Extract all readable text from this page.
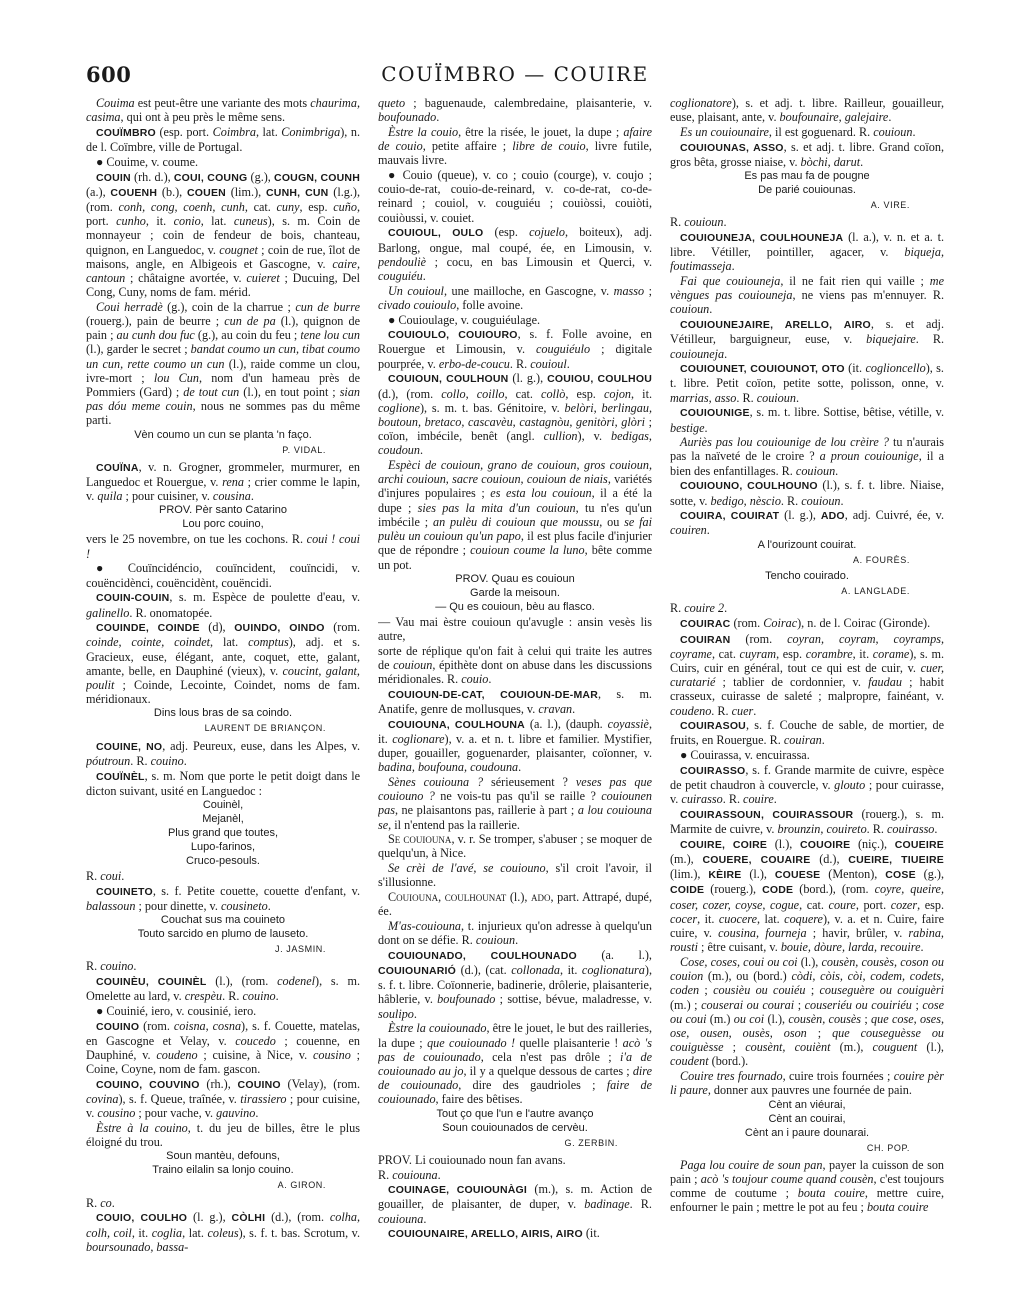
600	COUÏMBRO — COUIRE

Couima est peut-être une variante des mots chaurima, casima, qui ont à peu près le même sens.

COUÏMBRO (esp. port. Coimbra, lat. Conimbriga), n. de l. Coïmbre, ville de Portugal.

● Couime, v. coume.

COUIN (rh. d.), COUI, COUNG (g.), COUGN, COUNH (a.), COUENH (b.), COUEN (lim.), CUNH, CUN (l.g.), (rom. conh, cong, coenh, cunh, cat. cuny, esp. cuño, port. cunho, it. conio, lat. cuneus), s. m. Coin de monnayeur ; coin de fendeur de bois, chanteau, quignon, en Languedoc, v. cougnet ; coin de rue, îlot de maisons, angle, en Albigeois et Gascogne, v. caire, cantoun ; châtaigne avortée, v. cuieret ; Ducuing, Del Cong, Cuny, noms de fam. mérid.

Coui herradè (g.), coin de la charrue ; cun de burre (rouerg.), pain de beurre ; cun de pa (l.), quignon de pain ; au cunh dou fuc (g.), au coin du feu ; tene lou cun (l.), garder le secret ; bandat coumo un cun, tibat coumo un cun, rette coumo un cun (l.), raide comme un clou, ivre-mort ; lou Cun, nom d'un hameau près de Pommiers (Gard) ; de tout cun (l.), en tout point ; sian pas dóu meme couin, nous ne sommes pas du même parti.

Vèn coumo un cun se planta 'n faço.

P. VIDAL.

COUÏNA, v. n. Grogner, grommeler, murmurer, en Languedoc et Rouergue, v. rena ; crier comme le lapin, v. quila ; pour cuisiner, v. cousina.

PROV. Pèr santo Catarino

Lou porc couino,

vers le 25 novembre, on tue les cochons. R. coui ! coui !

● Couïncidéncio, couïncident, couïncidi, v. couëncidènci, couëncidènt, couëncidi.

COUIN-COUIN, s. m. Espèce de poulette d'eau, v. galinello. R. onomatopée.

COUINDE, COINDE (d), OUINDO, OINDO (rom. coinde, cointe, coindet, lat. comptus), adj. et s. Gracieux, euse, élégant, ante, coquet, ette, galant, amante, belle, en Dauphiné (vieux), v. coucint, galant, poulit ; Coinde, Lecointe, Coindet, noms de fam. méridionaux.

Dins lous bras de sa coindo.

LAURENT DE BRIANÇON.

COUINE, NO, adj. Peureux, euse, dans les Alpes, v. póutroun. R. couino.

COUÏNÈL, s. m. Nom que porte le petit doigt dans le dicton suivant, usité en Languedoc :

Couinèl,

Mejanèl,

Plus grand que toutes,

Lupo-farinos,

Cruco-pesouls.

R. coui.

COUINETO, s. f. Petite couette, couette d'enfant, v. balassoun ; pour dinette, v. cousineto.

Couchat sus ma couineto

Touto sarcido en plumo de lauseto.

J. JASMIN.

R. couino.

COUINÈU, COUINÈL (l.), (rom. codenel), s. m. Omelette au lard, v. crespèu. R. couino.

● Couinié, iero, v. cousinié, iero.

COUINO (rom. coisna, cosna), s. f. Couette, matelas, en Gascogne et Velay, v. coucedo ; couenne, en Dauphiné, v. coudeno ; cuisine, à Nice, v. cousino ; Coine, Coyne, nom de fam. gascon.

COUINO, COUVINO (rh.), COUINO (Velay), (rom. covina), s. f. Queue, traînée, v. tirassiero ; pour cuisine, v. cousino ; pour vache, v. gauvino.

Èstre à la couino, t. du jeu de billes, être le plus éloigné du trou.

Soun mantèu, defouns,

Traino eilalin sa lonjo couino.

A. GIRON.

R. co.

COUIO, COULHO (l. g.), CÒLHI (d.), (rom. colha, colh, coil, it. coglia, lat. coleus), s. f. t. bas. Scrotum, v. boursounado, bassa-

queto ; baguenaude, calembredaine, plaisanterie, v. boufounado.

Èstre la couio, être la risée, le jouet, la dupe ; afaire de couio, petite affaire ; libre de couio, livre futile, mauvais livre.

● Couio (queue), v. co ; couio (courge), v. coujo ; couio-de-rat, couio-de-reinard, v. co-de-rat, co-de-reinard ; couiol, v. couguiéu ; couiòssi, couiòti, couiòussi, v. couiet.

COUIOUL, OULO (esp. cojuelo, boiteux), adj. Barlong, ongue, mal coupé, ée, en Limousin, v. pendouliè ; cocu, en bas Limousin et Querci, v. couguiéu.

Un couioul, une mailloche, en Gascogne, v. masso ; civado couioulo, folle avoine.

● Couioulage, v. couguiéulage.

COUIOULO, COUIOURO, s. f. Folle avoine, en Rouergue et Limousin, v. couguiéulo ; digitale pourprée, v. erbo-de-coucu. R. couioul.

COUIOUN, COULHOUN (l. g.), COUIOU, COULHOU (d.), (rom. collo, coillo, cat. collò, esp. cojon, it. coglione), s. m. t. bas. Génitoire, v. belòri, berlingau, boutoun, bretaco, cascavèu, castagnòu, genitòri, glòri ; coïon, imbécile, benêt (angl. cullion), v. bedigas, coudoun.

Espèci de couioun, grano de couioun, gros couioun, archi couioun, sacre couioun, couioun de niais, variétés d'injures populaires ; es esta lou couioun, il a été la dupe ; sies pas la mita d'un couioun, tu n'es qu'un imbécile ; an pulèu di couioun que moussu, ou se fai pulèu un couioun qu'un papo, il est plus facile d'injurier que de répondre ; couioun coume la luno, bête comme un pot.

PROV. Quau es couioun

Garde la meisoun.

— Qu es couioun, bèu au flasco.

— Vau mai èstre couioun qu'avugle : ansin vesès lis autre,

sorte de réplique qu'on fait à celui qui traite les autres de couioun, épithète dont on abuse dans les discussions méridionales. R. couio.

COUIOUN-DE-CAT, COUIOUN-DE-MAR, s. m. Anatife, genre de mollusques, v. cravan.

COUIOUNA, COULHOUNA (a. l.), (dauph. coyassiè, it. coglionare), v. a. et n. t. libre et familier. Mystifier, duper, gouailler, goguenarder, plaisanter, coïonner, v. badina, boufouna, coudouna.

Sènes couiouna ? sérieusement ? veses pas que couiouno ? ne vois-tu pas qu'il se raille ? couiounen pas, ne plaisantons pas, raillerie à part ; a lou couiouna se, il n'entend pas la raillerie.

Se couiouna, v. r. Se tromper, s'abuser ; se moquer de quelqu'un, à Nice.

Se crèi de l'avé, se couiouno, s'il croit l'avoir, il s'illusionne.

Couiouna, coulhounat (l.), ado, part. Attrapé, dupé, ée.

M'as-couiouna, t. injurieux qu'on adresse à quelqu'un dont on se défie. R. couioun.

COUIOUNADO, COULHOUNADO (a. l.), COUIOUNARIÓ (d.), (cat. collonada, it. coglionatura), s. f. t. libre. Coïonnerie, badinerie, drôlerie, plaisanterie, hâblerie, v. boufounado ; sottise, bévue, maladresse, v. soulipo.

Èstre la couiounado, être le jouet, le but des railleries, la dupe ; que couiounado ! quelle plaisanterie ! acò 's pas de couiounado, cela n'est pas drôle ; i'a de couiounado au jo, il y a quelque dessous de cartes ; dire de couiounado, dire des gaudrioles ; faire de couiounado, faire des bêtises.

Tout ço que l'un e l'autre avanço

Soun couiounados de cervèu.

G. ZERBIN.

PROV. Li couiounado noun fan avans.

R. couiouna.

COUINAGE, COUIOUNÀGI (m.), s. m. Action de gouailler, de plaisanter, de duper, v. badinage. R. couiouna.

COUIOUNAIRE, ARELLO, AIRIS, AIRO (it.

coglionatore), s. et adj. t. libre. Railleur, gouailleur, euse, plaisant, ante, v. boufounaire, galejaire.

Es un couiounaire, il est goguenard. R. couioun.

COUIOUNAS, ASSO, s. et adj. t. libre. Grand coïon, gros bêta, grosse niaise, v. bòchi, darut.

Es pas mau fa de pougne

De parié couiounas.

A. VIRE.

R. couioun.

COUIOUNEJA, COULHOUNEJA (l. a.), v. n. et a. t. libre. Vétiller, pointiller, agacer, v. biqueja, foutimasseja.

Fai que couiouneja, il ne fait rien qui vaille ; me vèngues pas couiouneja, ne viens pas m'ennuyer. R. couioun.

COUIOUNEJAIRE, ARELLO, AIRO, s. et adj. Vétilleur, barguigneur, euse, v. biquejaire. R. couiouneja.

COUIOUNET, COUIOUNOT, OTO (it. coglioncello), s. t. libre. Petit coïon, petite sotte, polisson, onne, v. marrias, asso. R. couioun.

COUIOUNIGE, s. m. t. libre. Sottise, bêtise, vétille, v. bestige.

Auriès pas lou couiounige de lou crèire ? tu n'aurais pas la naïveté de le croire ? a proun couiounige, il a bien des enfantillages. R. couioun.

COUIOUNO, COULHOUNO (l.), s. f. t. libre. Niaise, sotte, v. bedigo, nèscio. R. couioun.

COUIRA, COUIRAT (l. g.), ADO, adj. Cuivré, ée, v. couiren.

A l'ourizount couirat.

A. FOURÈS.

Tencho couirado.

A. LANGLADE.

R. couire 2.

COUIRAC (rom. Coirac), n. de l. Coirac (Gironde).

COUIRAN (rom. coyran, coyram, coyramps, coyrame, cat. cuyram, esp. corambre, it. corame), s. m. Cuirs, cuir en général, tout ce qui est de cuir, v. cuer, curatarié ; tablier de cordonnier, v. faudau ; habit crasseux, cuirasse de saleté ; malpropre, fainéant, v. coudeno. R. cuer.

COUIRASOU, s. f. Couche de sable, de mortier, de fruits, en Rouergue. R. couiran.

● Couirassa, v. encuirassa.

COUIRASSO, s. f. Grande marmite de cuivre, espèce de petit chaudron à couvercle, v. glouto ; pour cuirasse, v. cuirasso. R. couire.

COUIRASSOUN, COUIRASSOUR (rouerg.), s. m. Marmite de cuivre, v. brounzin, couireto. R. couirasso.

COUIRE, COIRE (l.), COUOIRE (niç.), COUEIRE (m.), COUERE, COUAIRE (d.), CUEIRE, TIUEIRE (lim.), KÈIRE (l.), COUESE (Menton), COSE (g.), COIDE (rouerg.), CODE (bord.), (rom. coyre, queire, coser, cozer, coyse, cogue, cat. coure, port. cozer, esp. cocer, it. cuocere, lat. coquere), v. a. et n. Cuire, faire cuire, v. cousina, fourneja ; havir, brûler, v. rabina, rousti ; être cuisant, v. bouie, dòure, larda, recouire.

Cose, coses, coui ou coi (l.), cousèn, cousès, coson ou couion (m.), ou (bord.) còdi, còis, còi, codem, codets, coden ; cousièu ou couiéu ; couseguère ou couiguèri (m.) ; couserai ou courai ; couseriéu ou couiriéu ; cose ou coui (m.) ou coi (l.), cousèn, cousès ; que cose, oses, ose, ousen, ousès, oson ; que couseguèsse ou couiguèsse ; cousènt, couiènt (m.), couguent (l.), coudent (bord.).

Couire tres fournado, cuire trois fournées ; couire pèr li paure, donner aux pauvres une fournée de pain.

Cènt an viéurai,

Cènt an couirai,

Cènt an i paure dounarai.

CH. POP.

Paga lou couire de soun pan, payer la cuisson de son pain ; acò 's toujour coume quand cousèn, c'est toujours comme de coutume ; bouta couire, mettre cuire, enfourner le pain ; mettre le pot au feu ; bouta couire
